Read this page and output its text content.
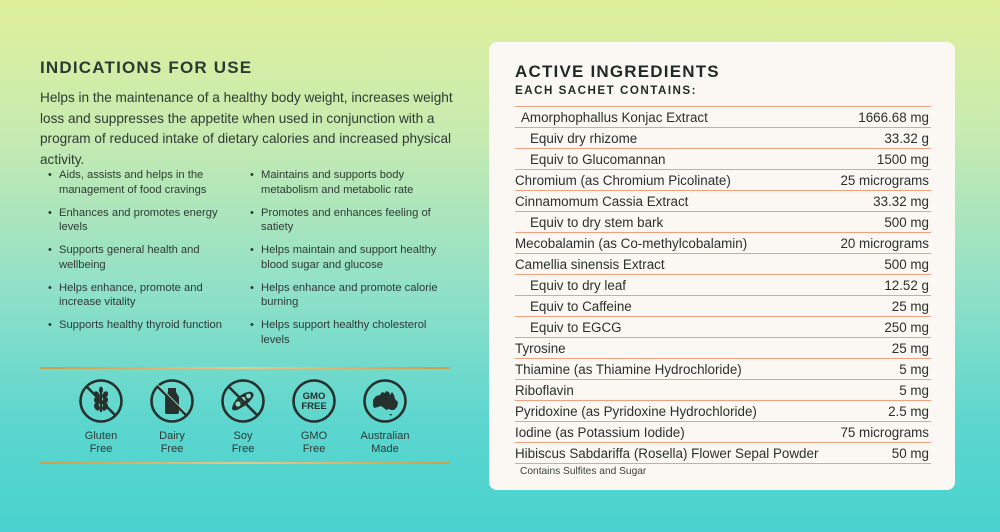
INDICATIONS FOR USE

Helps in the maintenance of a healthy body weight, increases weight loss and suppresses the appetite when used in conjunction with a program of reduced intake of dietary calories and increased physical activity.

• Aids, assists and helps in the management of food cravings
• Enhances and promotes energy levels
• Supports general health and wellbeing
• Helps enhance, promote and increase vitality
• Supports healthy thyroid function
• Maintains and supports body metabolism and metabolic rate
• Promotes and enhances feeling of satiety
• Helps maintain and support healthy blood sugar and glucose
• Helps enhance and promote calorie burning
• Helps support healthy cholesterol levels
Gluten
Free
Dairy
Free
Soy
Free
GMO
FREE
GMO
Free
Australian
Made
ACTIVE INGREDIENTS
EACH SACHET CONTAINS:
Amorphophallus Konjac Extract	1666.68 mg
Equiv dry rhizome	33.32 g
Equiv to Glucomannan	1500 mg
Chromium (as Chromium Picolinate)	25 micrograms
Cinnamomum Cassia Extract	33.32 mg
Equiv to dry stem bark	500 mg
Mecobalamin (as Co-methylcobalamin)	20 micrograms
Camellia sinensis Extract	500 mg
Equiv to dry leaf	12.52 g
Equiv to Caffeine	25 mg
Equiv to EGCG	250 mg
Tyrosine	25 mg
Thiamine (as Thiamine Hydrochloride)	5 mg
Riboflavin	5 mg
Pyridoxine (as Pyridoxine Hydrochloride)	2.5 mg
Iodine (as Potassium Iodide)	75 micrograms
Hibiscus Sabdariffa (Rosella) Flower Sepal Powder	50 mg
Contains Sulfites and Sugar
